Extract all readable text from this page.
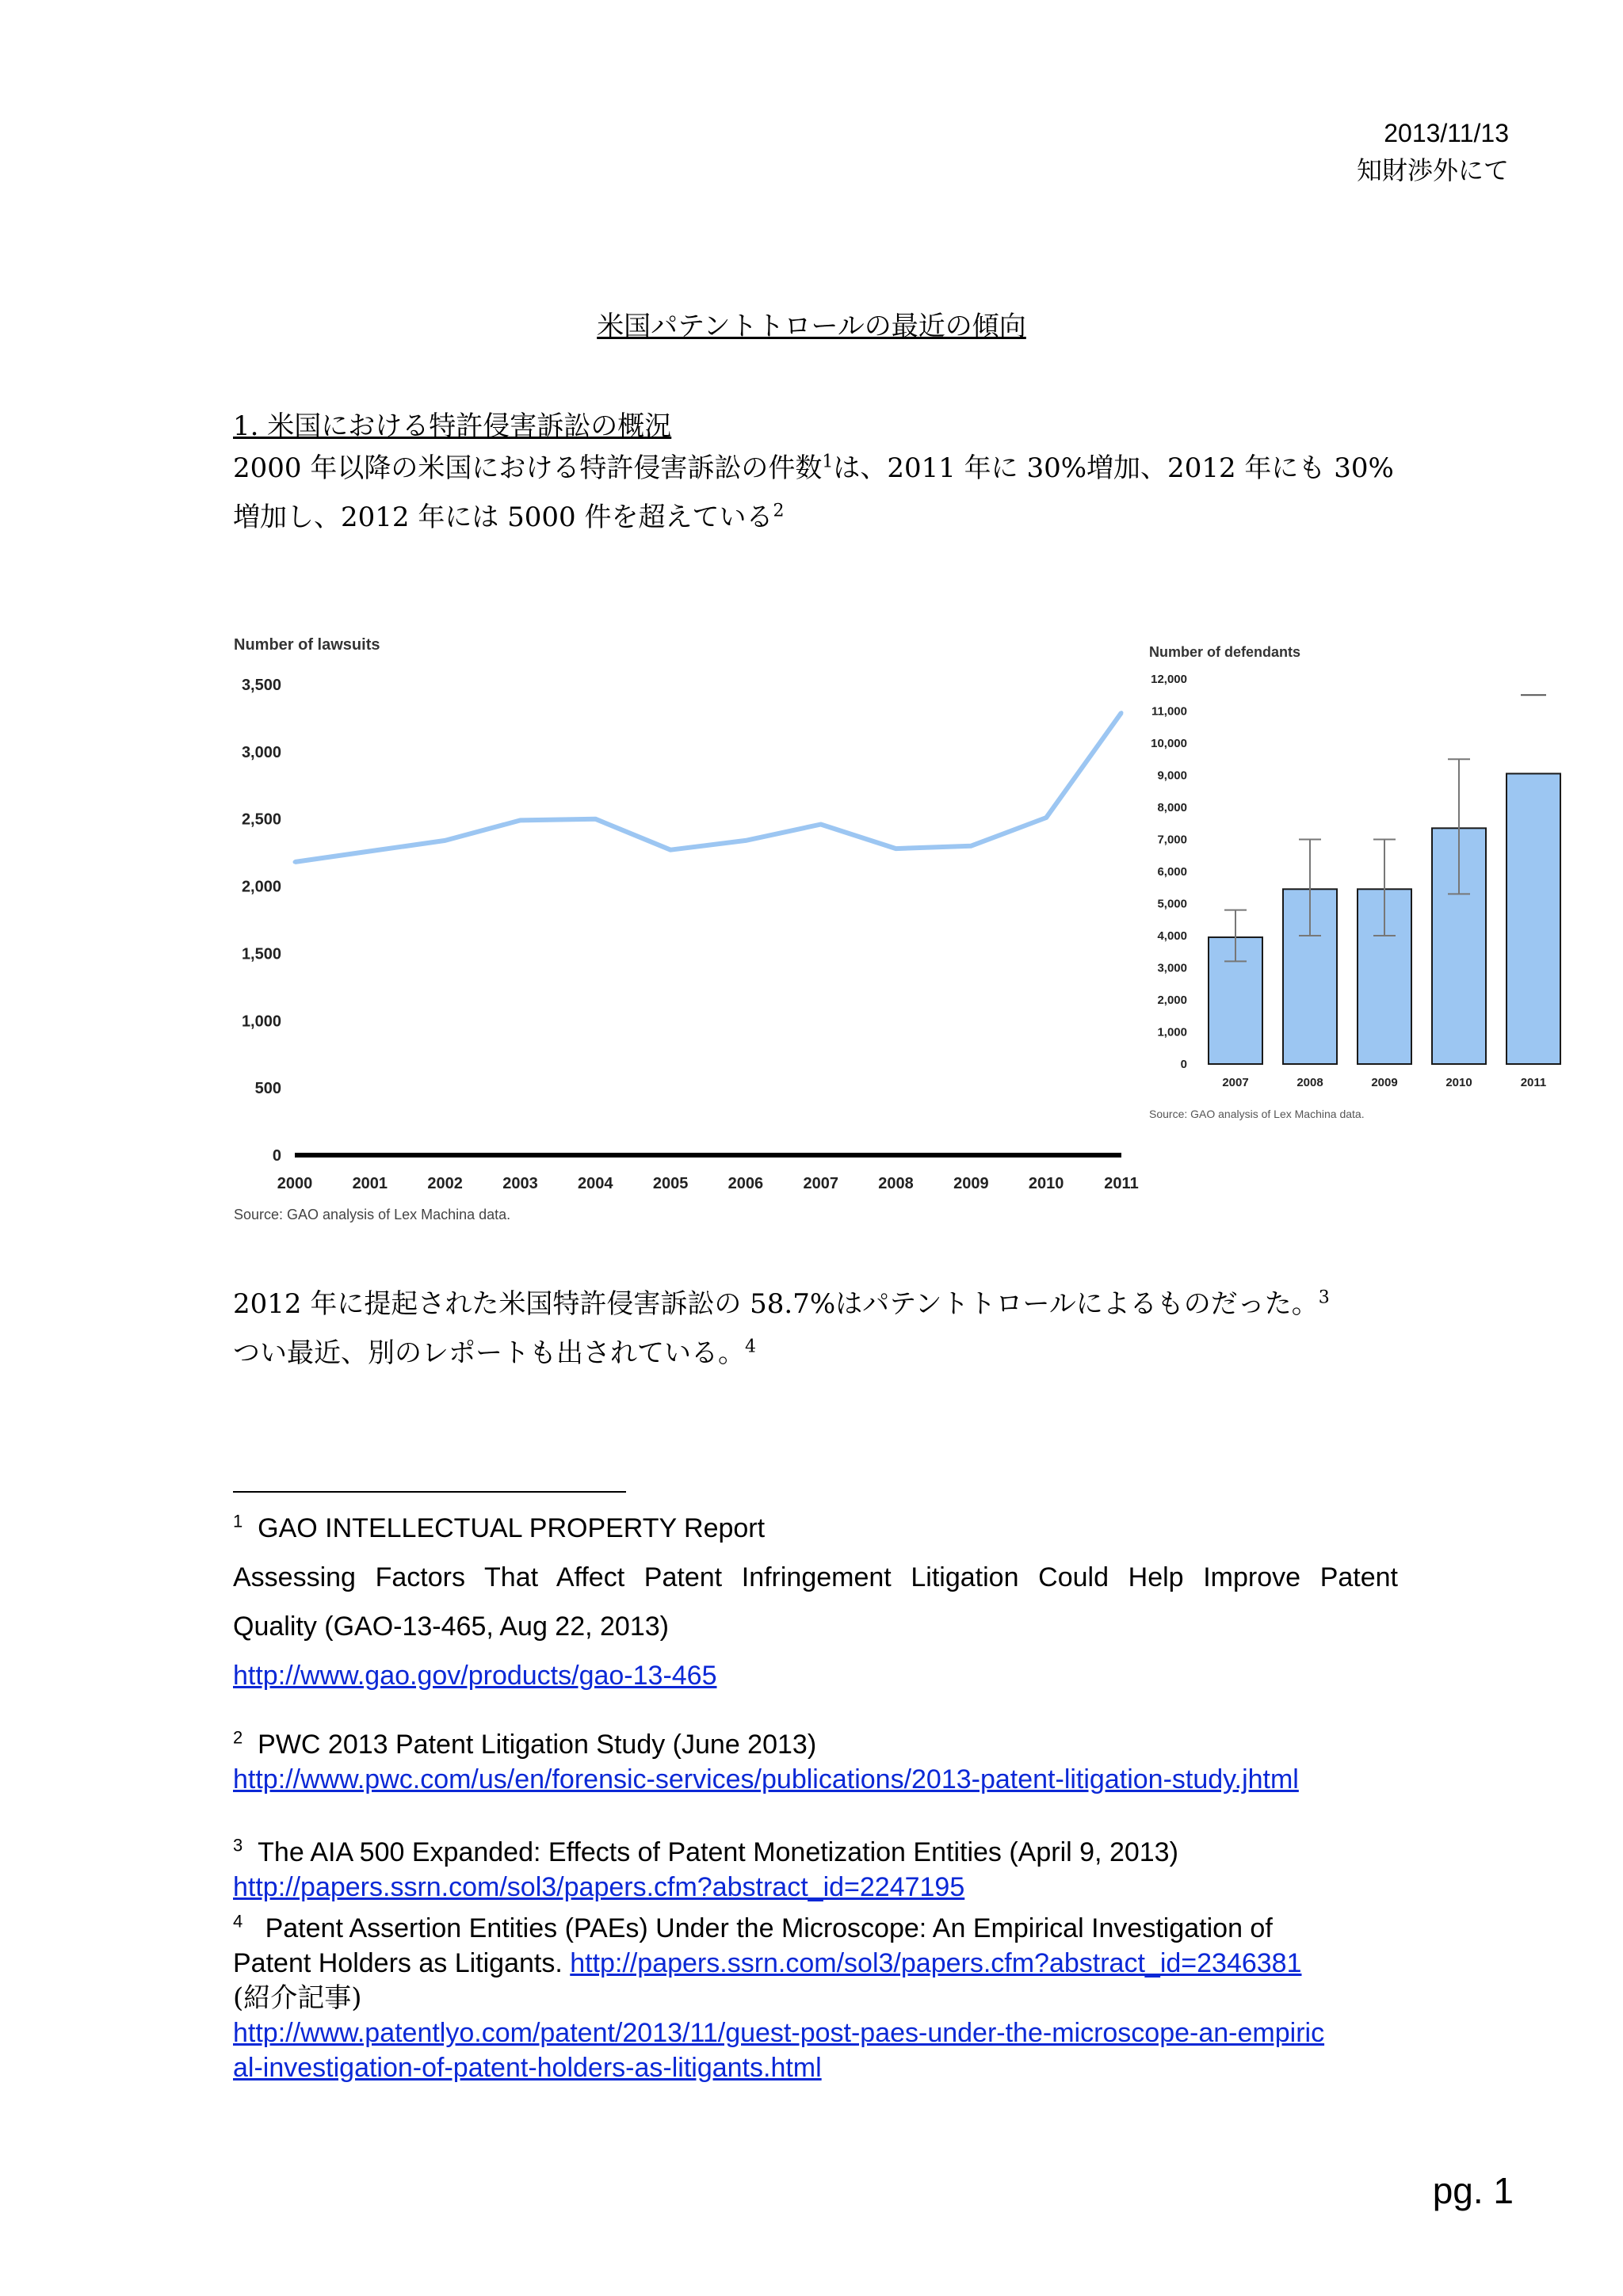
2013/11/13
知財渉外にて
米国パテントトロールの最近の傾向
1. 米国における特許侵害訴訟の概況
2000 年以降の米国における特許侵害訴訟の件数$^1$は、2011 年に 30%増加、2012 年にも 30%増加し、2012 年には 5000 件を超えている$^2$
Number of lawsuits
0
500
1,000
1,500
2,000
2,500
3,000
3,500
2000	2001	2002	2003	2004	2005	2006	2007	2008	2009	2010	2011
Source: GAO analysis of Lex Machina data.
Number of defendants
0
1,000
2,000
3,000
4,000
5,000
6,000
7,000
8,000
9,000
10,000
11,000
12,000
2007	2008	2009	2010	2011
Source: GAO analysis of Lex Machina data.
2012 年に提起された米国特許侵害訴訟の 58.7%はパテントトロールによるものだった。$^3$
つい最近、別のレポートも出されている。$^4$
$^1$ GAO INTELLECTUAL PROPERTY Report
Assessing Factors That Affect Patent Infringement Litigation Could Help Improve Patent
Quality (GAO-13-465, Aug 22, 2013)
http://www.gao.gov/products/gao-13-465
$^2$ PWC 2013 Patent Litigation Study (June 2013)
http://www.pwc.com/us/en/forensic-services/publications/2013-patent-litigation-study.jhtml
$^3$ The AIA 500 Expanded: Effects of Patent Monetization Entities (April 9, 2013)
http://papers.ssrn.com/sol3/papers.cfm?abstract_id=2247195
$^4$ Patent Assertion Entities (PAEs) Under the Microscope: An Empirical Investigation of
Patent Holders as Litigants. http://papers.ssrn.com/sol3/papers.cfm?abstract_id=2346381
(紹介記事)
http://www.patentlyo.com/patent/2013/11/guest-post-paes-under-the-microscope-an-empiric
al-investigation-of-patent-holders-as-litigants.html
pg. 1
